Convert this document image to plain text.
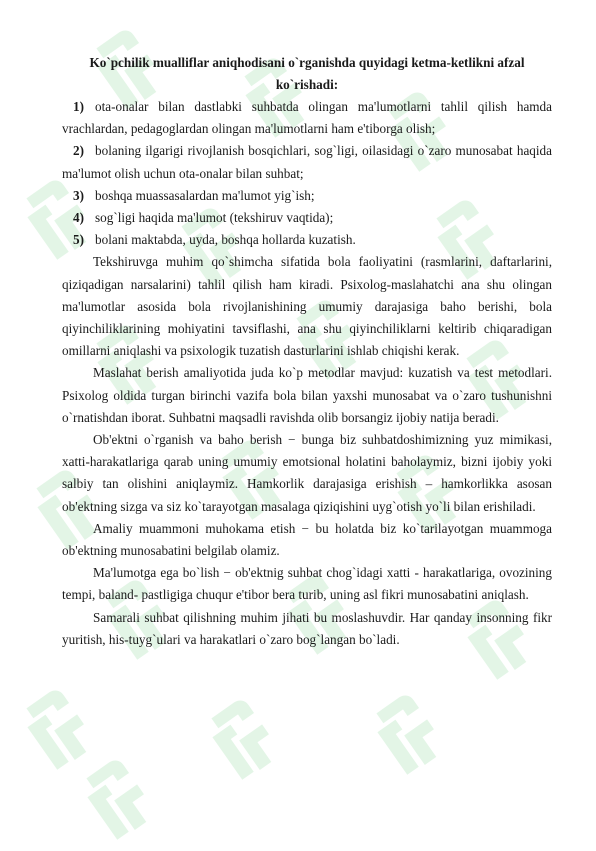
Ko`pchilik mualliflar aniqhodisani o`rganishda quyidagi ketma-ketlikni afzal
ko`rishadi:

1) ota-onalar bilan dastlabki suhbatda olingan ma'lumotlarni tahlil qilish hamda vrachlardan, pedagoglardan olingan ma'lumotlarni ham e'tiborga olish;

2) bolaning ilgarigi rivojlanish bosqichlari, sog`ligi, oilasidagi o`zaro munosabat haqida ma'lumot olish uchun ota-onalar bilan suhbat;

3) boshqa muassasalardan ma'lumot yig`ish;

4) sog`ligi haqida ma'lumot (tekshiruv vaqtida);

5) bolani maktabda, uyda, boshqa hollarda kuzatish.

Tekshiruvga muhim qo`shimcha sifatida bola faoliyatini (rasmlarini, daftarlarini, qiziqadigan narsalarini) tahlil qilish ham kiradi. Psixolog-maslahatchi ana shu olingan ma'lumotlar asosida bola rivojlanishining umumiy darajasiga baho berishi, bola qiyinchiliklarining mohiyatini tavsiflashi, ana shu qiyinchiliklarni keltirib chiqaradigan omillarni aniqlashi va psixologik tuzatish dasturlarini ishlab chiqishi kerak.

Maslahat berish amaliyotida juda ko`p metodlar mavjud: kuzatish va test metodlari. Psixolog oldida turgan birinchi vazifa bola bilan yaxshi munosabat va o`zaro tushunishni o`rnatishdan iborat. Suhbatni maqsadli ravishda olib borsangiz ijobiy natija beradi.

Ob'ektni o`rganish va baho berish − bunga biz suhbatdoshimizning yuz mimikasi, xatti-harakatlariga qarab uning umumiy emotsional holatini baholaymiz, bizni ijobiy yoki salbiy tan olishini aniqlaymiz. Hamkorlik darajasiga erishish – hamkorlikka asosan ob'ektning sizga va siz ko`tarayotgan masalaga qiziqishini uyg`otish yo`li bilan erishiladi.

Amaliy muammoni muhokama etish − bu holatda biz ko`tarilayotgan muammoga ob'ektning munosabatini belgilab olamiz.

Ma'lumotga ega bo`lish − ob'ektnig suhbat chog`idagi xatti - harakatlariga, ovozining tempi, baland- pastligiga chuqur e'tibor bera turib, uning asl fikri munosabatini aniqlash.

Samarali suhbat qilishning muhim jihati bu moslashuvdir. Har qanday insonning fikr yuritish, his-tuyg`ulari va harakatlari o`zaro bog`langan bo`ladi.
